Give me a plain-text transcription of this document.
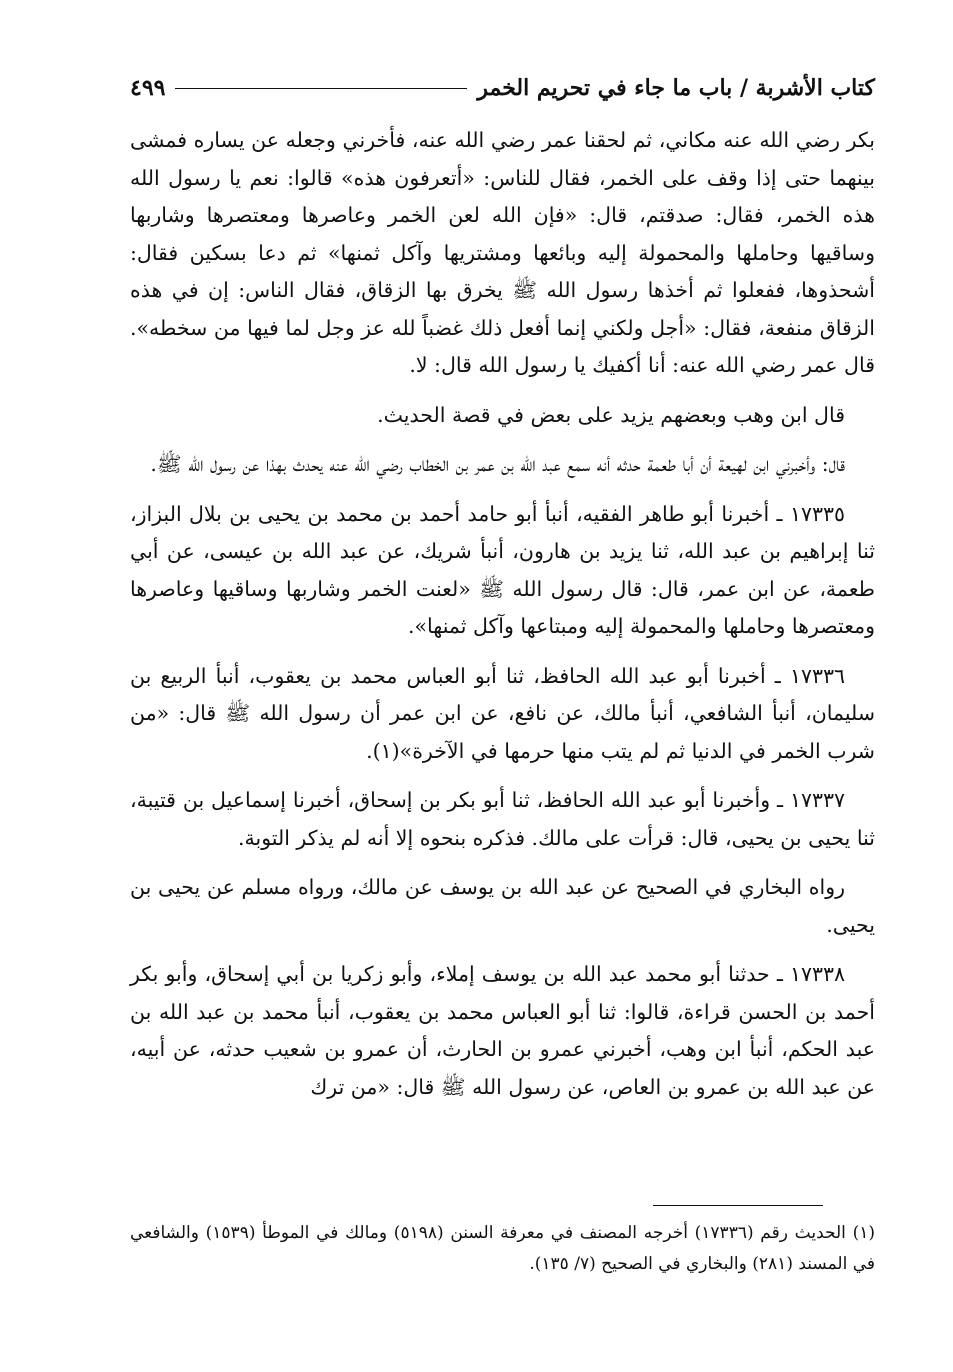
كتاب الأشربة / باب ما جاء في تحريم الخمر
٤٩٩

بكر رضي الله عنه مكاني، ثم لحقنا عمر رضي الله عنه، فأخرني وجعله عن يساره فمشى بينهما حتى إذا وقف على الخمر، فقال للناس: «أتعرفون هذه» قالوا: نعم يا رسول الله هذه الخمر، فقال: صدقتم، قال: «فإن الله لعن الخمر وعاصرها ومعتصرها وشاربها وساقيها وحاملها والمحمولة إليه وبائعها ومشتريها وآكل ثمنها» ثم دعا بسكين فقال: أشحذوها، ففعلوا ثم أخذها رسول الله ﷺ يخرق بها الزقاق، فقال الناس: إن في هذه الزقاق منفعة، فقال: «أجل ولكني إنما أفعل ذلك غضباً لله عز وجل لما فيها من سخطه». قال عمر رضي الله عنه: أنا أكفيك يا رسول الله قال: لا.

قال ابن وهب وبعضهم يزيد على بعض في قصة الحديث.

قال: وأخبرني ابن لهيعة أن أبا طعمة حدثه أنه سمع عبد الله بن عمر بن الخطاب رضي الله عنه يحدث بهذا عن رسول الله ﷺ.

١٧٣٣٥ ـ أخبرنا أبو طاهر الفقيه، أنبأ أبو حامد أحمد بن محمد بن يحيى بن بلال البزاز، ثنا إبراهيم بن عبد الله، ثنا يزيد بن هارون، أنبأ شريك، عن عبد الله بن عيسى، عن أبي طعمة، عن ابن عمر، قال: قال رسول الله ﷺ «لعنت الخمر وشاربها وساقيها وعاصرها ومعتصرها وحاملها والمحمولة إليه ومبتاعها وآكل ثمنها».

١٧٣٣٦ ـ أخبرنا أبو عبد الله الحافظ، ثنا أبو العباس محمد بن يعقوب، أنبأ الربيع بن سليمان، أنبأ الشافعي، أنبأ مالك، عن نافع، عن ابن عمر أن رسول الله ﷺ قال: «من شرب الخمر في الدنيا ثم لم يتب منها حرمها في الآخرة»(١).

١٧٣٣٧ ـ وأخبرنا أبو عبد الله الحافظ، ثنا أبو بكر بن إسحاق، أخبرنا إسماعيل بن قتيبة، ثنا يحيى بن يحيى، قال: قرأت على مالك. فذكره بنحوه إلا أنه لم يذكر التوبة.

رواه البخاري في الصحيح عن عبد الله بن يوسف عن مالك، ورواه مسلم عن يحيى بن يحيى.

١٧٣٣٨ ـ حدثنا أبو محمد عبد الله بن يوسف إملاء، وأبو زكريا بن أبي إسحاق، وأبو بكر أحمد بن الحسن قراءة، قالوا: ثنا أبو العباس محمد بن يعقوب، أنبأ محمد بن عبد الله بن عبد الحكم، أنبأ ابن وهب، أخبرني عمرو بن الحارث، أن عمرو بن شعيب حدثه، عن أبيه، عن عبد الله بن عمرو بن العاص، عن رسول الله ﷺ قال: «من ترك

(١) الحديث رقم (١٧٣٣٦) أخرجه المصنف في معرفة السنن (٥١٩٨) ومالك في الموطأ (١٥٣٩) والشافعي في المسند (٢٨١) والبخاري في الصحيح (٧/ ١٣٥).
